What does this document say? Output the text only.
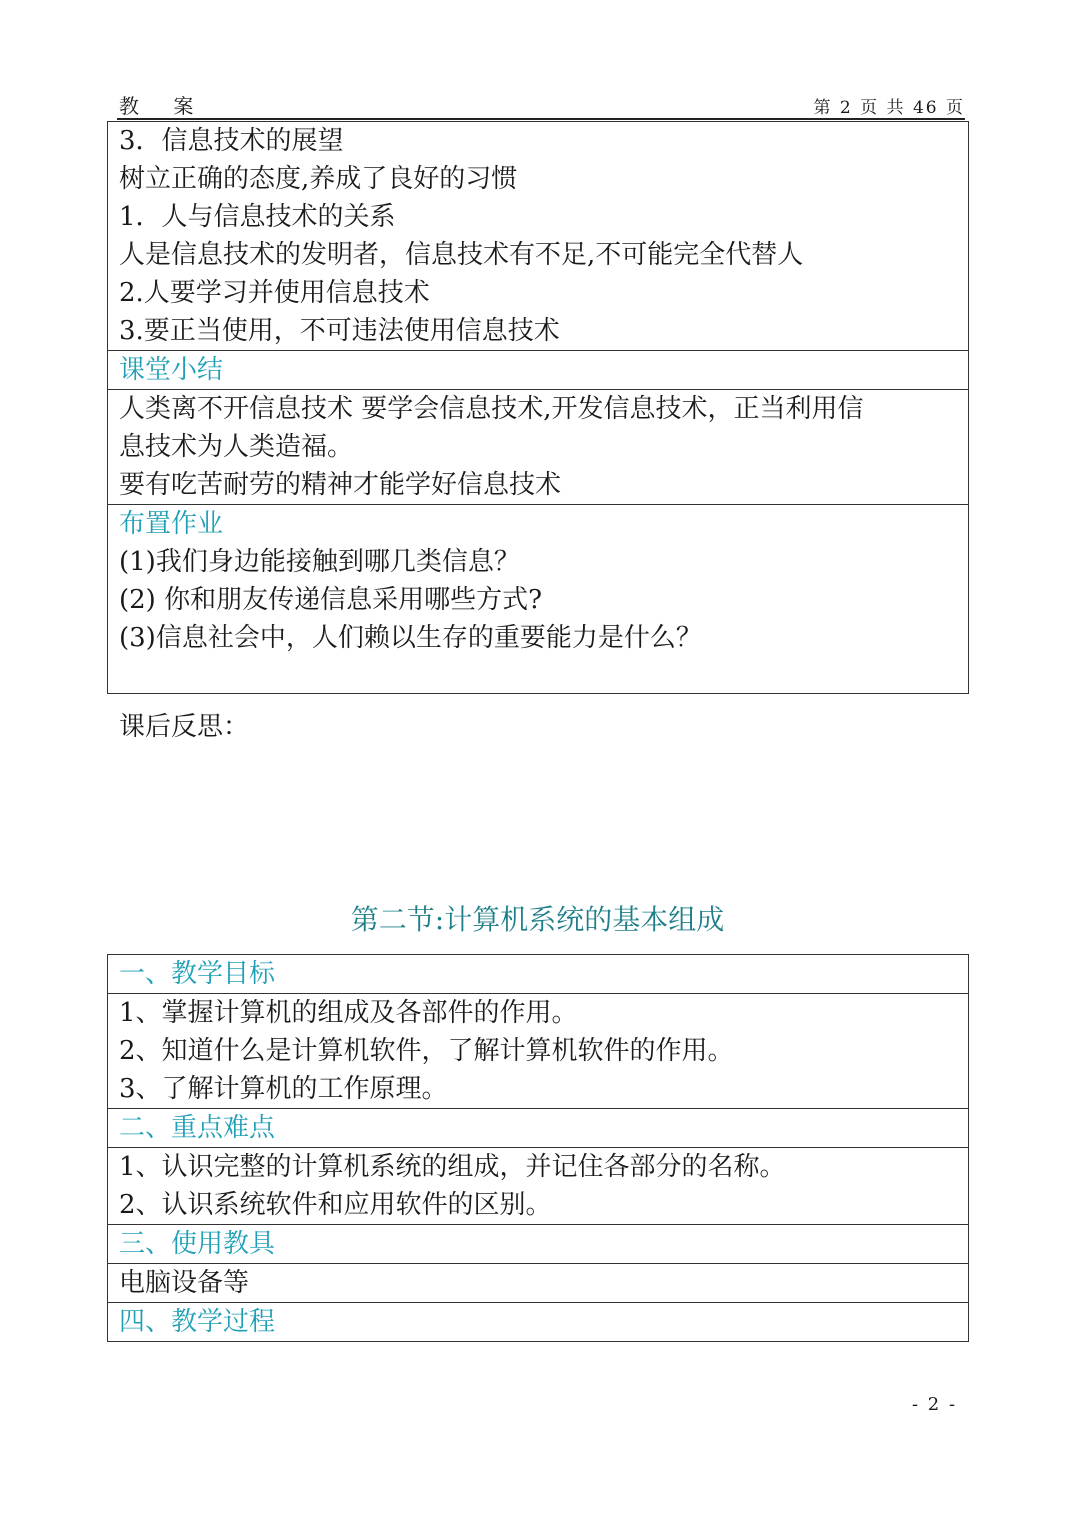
教 案	第 2 页 共 46 页
3．信息技术的展望
树立正确的态度,养成了良好的习惯
1．人与信息技术的关系
人是信息技术的发明者，信息技术有不足,不可能完全代替人
2.人要学习并使用信息技术
3.要正当使用，不可违法使用信息技术

课堂小结

人类离不开信息技术 要学会信息技术,开发信息技术，正当利用信
息技术为人类造福。
要有吃苦耐劳的精神才能学好信息技术

布置作业
(1)我们身边能接触到哪几类信息？
(2) 你和朋友传递信息采用哪些方式?
(3)信息社会中，人们赖以生存的重要能力是什么？
课后反思：
第二节:计算机系统的基本组成
一、教学目标

1、掌握计算机的组成及各部件的作用。
2、知道什么是计算机软件，了解计算机软件的作用。
3、了解计算机的工作原理。

二、重点难点

1、认识完整的计算机系统的组成，并记住各部分的名称。
2、认识系统软件和应用软件的区别。

三、使用教具

电脑设备等

四、教学过程
- 2 -
